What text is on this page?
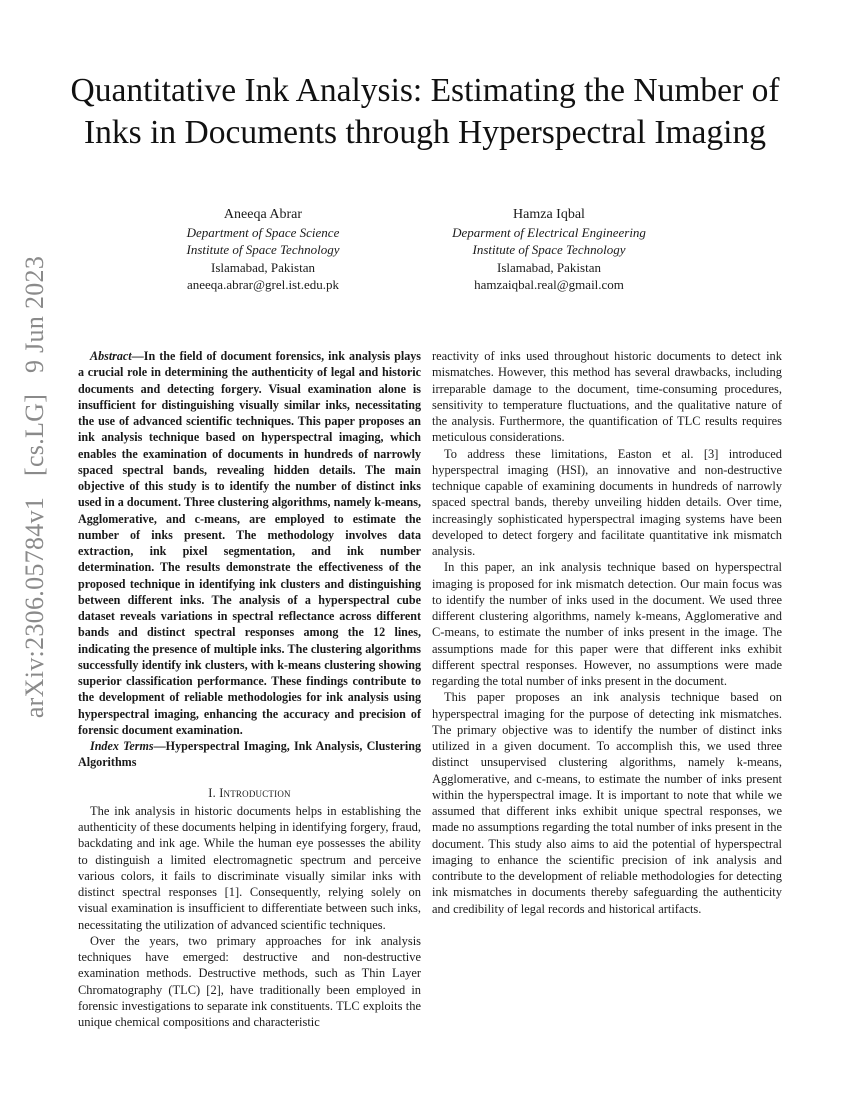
Quantitative Ink Analysis: Estimating the Number of Inks in Documents through Hyperspectral Imaging
Aneeqa Abrar
Department of Space Science
Institute of Space Technology
Islamabad, Pakistan
aneeqa.abrar@grel.ist.edu.pk
Hamza Iqbal
Deparment of Electrical Engineering
Institute of Space Technology
Islamabad, Pakistan
hamzaiqbal.real@gmail.com
arXiv:2306.05784v1 [cs.LG] 9 Jun 2023	Abstract—In the field of document forensics, ink analysis plays a crucial role in determining the authenticity of legal and historic documents and detecting forgery. Visual examination alone is insufficient for distinguishing visually similar inks, necessitating the use of advanced scientific techniques. This paper proposes an ink analysis technique based on hyperspectral imaging, which enables the examination of documents in hundreds of narrowly spaced spectral bands, revealing hidden details. The main objective of this study is to identify the number of distinct inks used in a document. Three clustering algorithms, namely k-means, Agglomerative, and c-means, are employed to estimate the number of inks present. The methodology involves data extraction, ink pixel segmentation, and ink number determination. The results demonstrate the effectiveness of the proposed technique in identifying ink clusters and distinguishing between different inks. The analysis of a hyperspectral cube dataset reveals variations in spectral reflectance across different bands and distinct spectral responses among the 12 lines, indicating the presence of multiple inks. The clustering algorithms successfully identify ink clusters, with k-means clustering showing superior classification performance. These findings contribute to the development of reliable methodologies for ink analysis using hyperspectral imaging, enhancing the accuracy and precision of forensic document examination.

Index Terms—Hyperspectral Imaging, Ink Analysis, Clustering Algorithms

I. Introduction

The ink analysis in historic documents helps in establishing the authenticity of these documents helping in identifying forgery, fraud, backdating and ink age. While the human eye possesses the ability to distinguish a limited electromagnetic spectrum and perceive various colors, it fails to discriminate visually similar inks with distinct spectral responses [1]. Consequently, relying solely on visual examination is insufficient to differentiate between such inks, necessitating the utilization of advanced scientific techniques.

Over the years, two primary approaches for ink analysis techniques have emerged: destructive and non-destructive examination methods. Destructive methods, such as Thin Layer Chromatography (TLC) [2], have traditionally been employed in forensic investigations to separate ink constituents. TLC exploits the unique chemical compositions and characteristic

reactivity of inks used throughout historic documents to detect ink mismatches. However, this method has several drawbacks, including irreparable damage to the document, time-consuming procedures, sensitivity to temperature fluctuations, and the qualitative nature of the analysis. Furthermore, the quantification of TLC results requires meticulous considerations.

To address these limitations, Easton et al. [3] introduced hyperspectral imaging (HSI), an innovative and non-destructive technique capable of examining documents in hundreds of narrowly spaced spectral bands, thereby unveiling hidden details. Over time, increasingly sophisticated hyperspectral imaging systems have been developed to detect forgery and facilitate quantitative ink mismatch analysis.

In this paper, an ink analysis technique based on hyperspectral imaging is proposed for ink mismatch detection. Our main focus was to identify the number of inks used in the document. We used three different clustering algorithms, namely k-means, Agglomerative and C-means, to estimate the number of inks present in the image. The assumptions made for this paper were that different inks exhibit different spectral responses. However, no assumptions were made regarding the total number of inks present in the document.

This paper proposes an ink analysis technique based on hyperspectral imaging for the purpose of detecting ink mismatches. The primary objective was to identify the number of distinct inks utilized in a given document. To accomplish this, we used three distinct unsupervised clustering algorithms, namely k-means, Agglomerative, and c-means, to estimate the number of inks present within the hyperspectral image. It is important to note that while we assumed that different inks exhibit unique spectral responses, we made no assumptions regarding the total number of inks present in the document. This study also aims to aid the potential of hyperspectral imaging to enhance the scientific precision of ink analysis and contribute to the development of reliable methodologies for detecting ink mismatches in documents thereby safeguarding the authenticity and credibility of legal records and historical artifacts.
